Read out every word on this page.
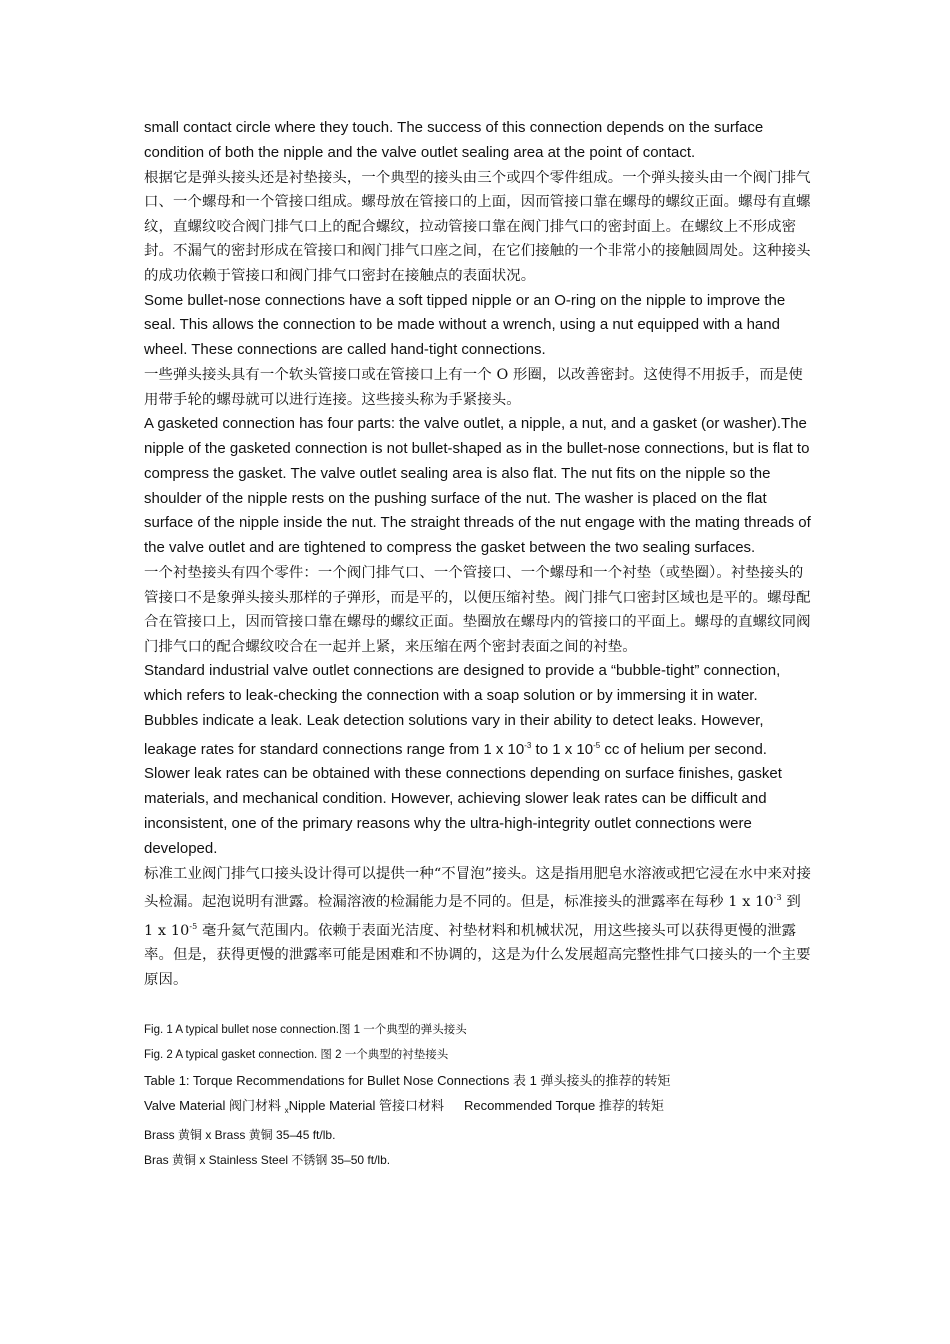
small contact circle where they touch. The success of this connection depends on the surface condition of both the nipple and the valve outlet sealing area at the point of contact.
根据它是弹头接头还是衬垫接头，一个典型的接头由三个或四个零件组成。一个弹头接头由一个阀门排气口、一个螺母和一个管接口组成。螺母放在管接口的上面，因而管接口靠在螺母的螺纹正面。螺母有直螺纹，直螺纹咬合阀门排气口上的配合螺纹，拉动管接口靠在阀门排气口的密封面上。在螺纹上不形成密封。不漏气的密封形成在管接口和阀门排气口座之间，在它们接触的一个非常小的接触圆周处。这种接头的成功依赖于管接口和阀门排气口密封在接触点的表面状况。
Some bullet-nose connections have a soft tipped nipple or an O-ring on the nipple to improve the seal. This allows the connection to be made without a wrench, using a nut equipped with a hand wheel. These connections are called hand-tight connections.
一些弹头接头具有一个软头管接口或在管接口上有一个 O 形圈，以改善密封。这使得不用扳手，而是使用带手轮的螺母就可以进行连接。这些接头称为手紧接头。
A gasketed connection has four parts: the valve outlet, a nipple, a nut, and a gasket (or washer).The nipple of the gasketed connection is not bullet-shaped as in the bullet-nose connections, but is flat to compress the gasket. The valve outlet sealing area is also flat. The nut fits on the nipple so the shoulder of the nipple rests on the pushing surface of the nut. The washer is placed on the flat surface of the nipple inside the nut. The straight threads of the nut engage with the mating threads of the valve outlet and are tightened to compress the gasket between the two sealing surfaces.
一个衬垫接头有四个零件：一个阀门排气口、一个管接口、一个螺母和一个衬垫（或垫圈）。衬垫接头的管接口不是象弹头接头那样的子弹形，而是平的，以便压缩衬垫。阀门排气口密封区域也是平的。螺母配合在管接口上，因而管接口靠在螺母的螺纹正面。垫圈放在螺母内的管接口的平面上。螺母的直螺纹同阀门排气口的配合螺纹咬合在一起并上紧，来压缩在两个密封表面之间的衬垫。
Standard industrial valve outlet connections are designed to provide a “bubble-tight” connection, which refers to leak-checking the connection with a soap solution or by immersing it in water. Bubbles indicate a leak. Leak detection solutions vary in their ability to detect leaks. However, leakage rates for standard connections range from 1 x $10^{-3}$ to 1 x $10^{-5}$ cc of helium per second. Slower leak rates can be obtained with these connections depending on surface finishes, gasket materials, and mechanical condition. However, achieving slower leak rates can be difficult and inconsistent, one of the primary reasons why the ultra-high-integrity outlet connections were developed.
标准工业阀门排气口接头设计得可以提供一种“不冒泡”接头。这是指用肥皂水溶液或把它浸在水中来对接头检漏。起泡说明有泄露。检漏溶液的检漏能力是不同的。但是，标准接头的泄露率在每秒 1 x $10^{-3}$ 到 1 x $10^{-5}$ 毫升氦气范围内。依赖于表面光洁度、衬垫材料和机械状况，用这些接头可以获得更慢的泄露率。但是，获得更慢的泄露率可能是困难和不协调的，这是为什么发展超高完整性排气口接头的一个主要原因。
Fig. 1 A typical bullet nose connection.图 1 一个典型的弹头接头
Fig. 2 A typical gasket connection. 图 2 一个典型的衬垫接头
Table 1: Torque Recommendations for Bullet Nose Connections 表 1 弹头接头的推荐的转矩
Valve Material 阀门材料 $_x$Nipple Material 管接口材料 Recommended Torque 推荐的转矩
Brass 黄铜 x Brass 黄铜 35–45 ft/lb.
Bras 黄铜 x Stainless Steel 不锈钢 35–50 ft/lb.
